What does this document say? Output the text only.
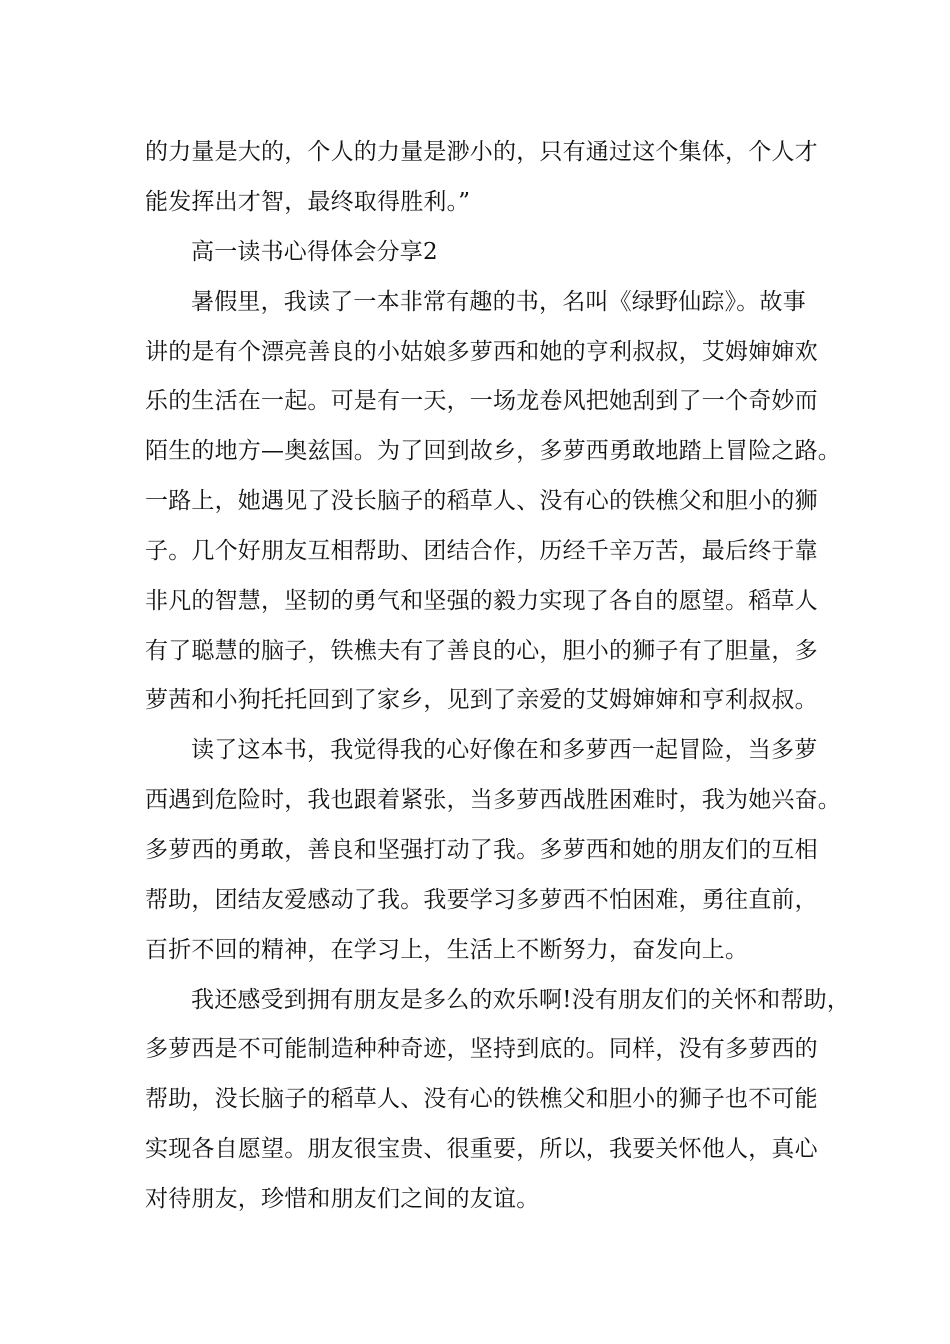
的力量是大的，个人的力量是渺小的，只有通过这个集体，个人才
能发挥出才智，最终取得胜利。”
高一读书心得体会分享2
暑假里，我读了一本非常有趣的书，名叫《绿野仙踪》。故事
讲的是有个漂亮善良的小姑娘多萝西和她的亨利叔叔，艾姆婶婶欢
乐的生活在一起。可是有一天，一场龙卷风把她刮到了一个奇妙而
陌生的地方—奥兹国。为了回到故乡，多萝西勇敢地踏上冒险之路。
一路上，她遇见了没长脑子的稻草人、没有心的铁樵父和胆小的狮
子。几个好朋友互相帮助、团结合作，历经千辛万苦，最后终于靠
非凡的智慧，坚韧的勇气和坚强的毅力实现了各自的愿望。稻草人
有了聪慧的脑子，铁樵夫有了善良的心，胆小的狮子有了胆量，多
萝茜和小狗托托回到了家乡，见到了亲爱的艾姆婶婶和亨利叔叔。
读了这本书，我觉得我的心好像在和多萝西一起冒险，当多萝
西遇到危险时，我也跟着紧张，当多萝西战胜困难时，我为她兴奋。
多萝西的勇敢，善良和坚强打动了我。多萝西和她的朋友们的互相
帮助，团结友爱感动了我。我要学习多萝西不怕困难，勇往直前，
百折不回的精神，在学习上，生活上不断努力，奋发向上。
我还感受到拥有朋友是多么的欢乐啊!没有朋友们的关怀和帮助，
多萝西是不可能制造种种奇迹，坚持到底的。同样，没有多萝西的
帮助，没长脑子的稻草人、没有心的铁樵父和胆小的狮子也不可能
实现各自愿望。朋友很宝贵、很重要，所以，我要关怀他人，真心
对待朋友，珍惜和朋友们之间的友谊。
